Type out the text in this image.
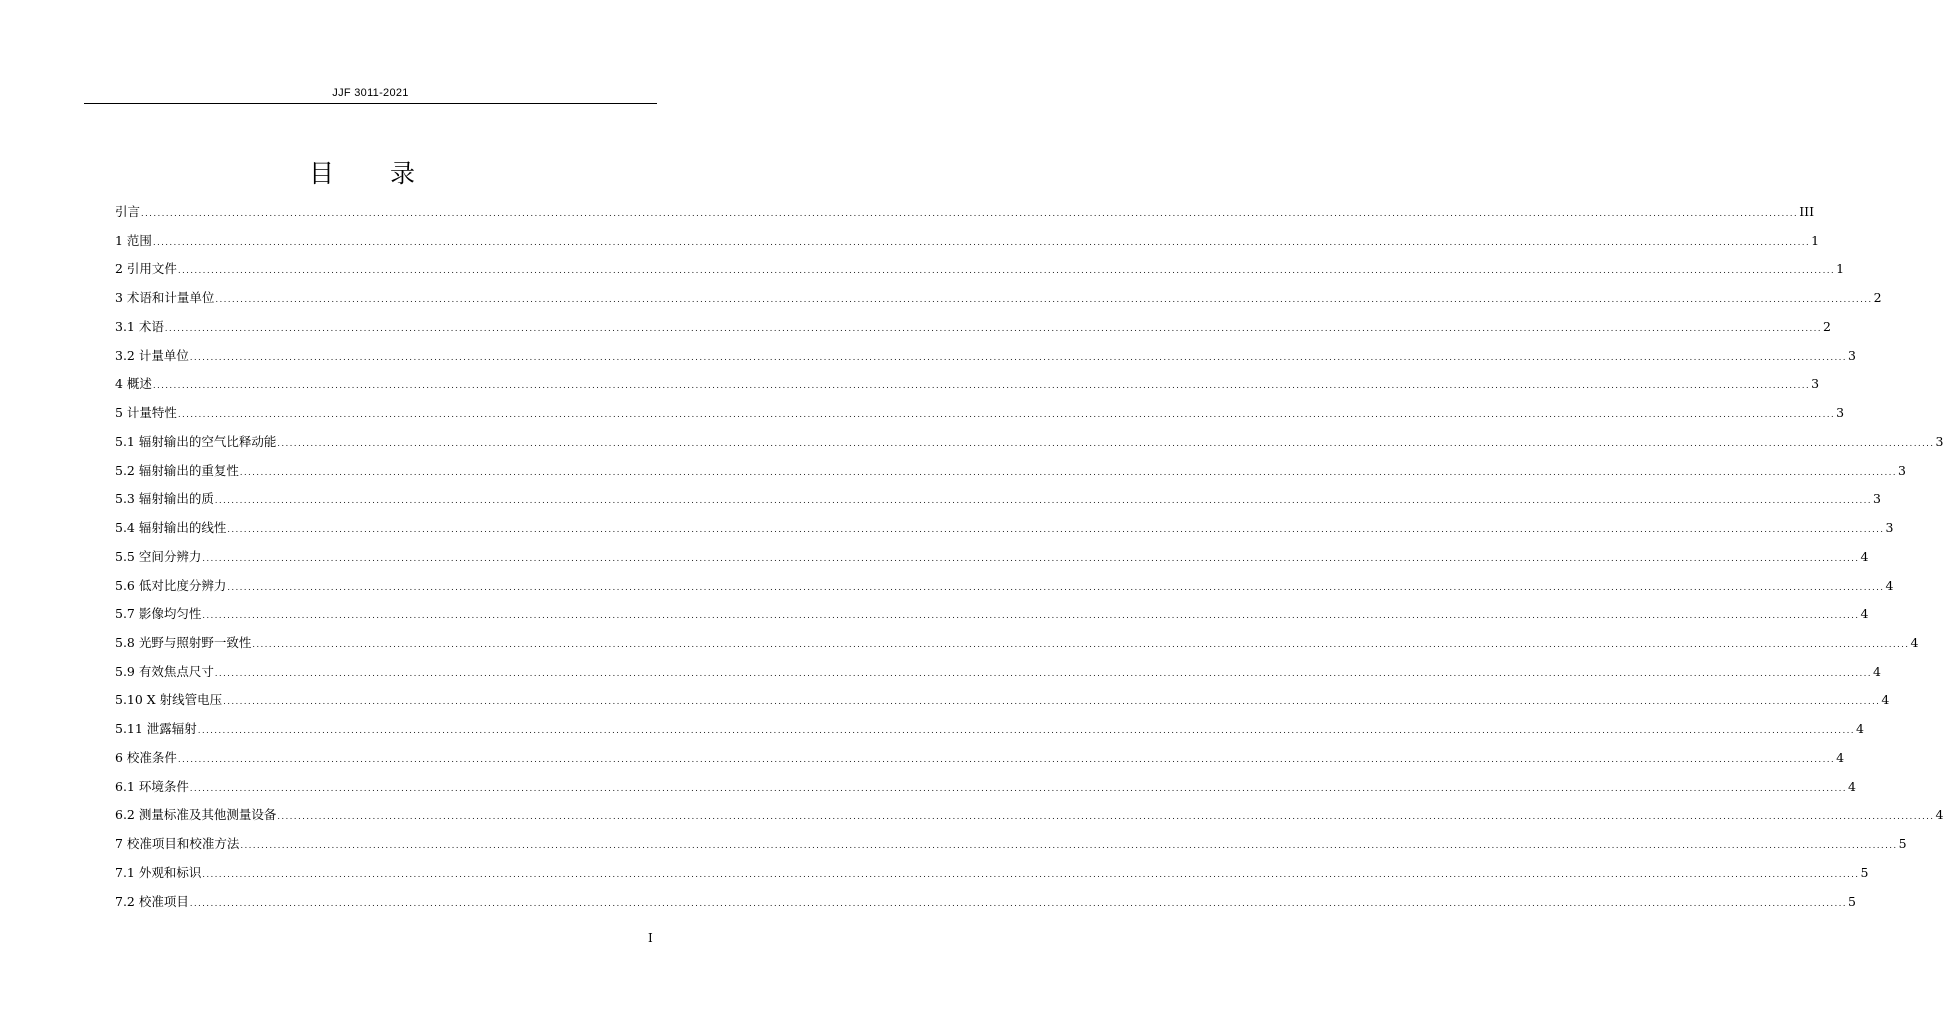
JJF 3011-2021
目 录
引言 ................................................................................................................................................................................................................................................................................................................................................................................................................ III
1 范围 ................................................................................................................................................................................................................................................................................................................................................................................................................ 1
2 引用文件 ................................................................................................................................................................................................................................................................................................................................................................................................................ 1
3 术语和计量单位 ................................................................................................................................................................................................................................................................................................................................................................................................................ 2
3.1 术语 ................................................................................................................................................................................................................................................................................................................................................................................................................ 2
3.2 计量单位 ................................................................................................................................................................................................................................................................................................................................................................................................................ 3
4 概述 ................................................................................................................................................................................................................................................................................................................................................................................................................ 3
5 计量特性 ................................................................................................................................................................................................................................................................................................................................................................................................................ 3
5.1 辐射输出的空气比释动能 ................................................................................................................................................................................................................................................................................................................................................................................................................ 3
5.2 辐射输出的重复性 ................................................................................................................................................................................................................................................................................................................................................................................................................ 3
5.3 辐射输出的质 ................................................................................................................................................................................................................................................................................................................................................................................................................ 3
5.4 辐射输出的线性 ................................................................................................................................................................................................................................................................................................................................................................................................................ 3
5.5 空间分辨力 ................................................................................................................................................................................................................................................................................................................................................................................................................ 4
5.6 低对比度分辨力 ................................................................................................................................................................................................................................................................................................................................................................................................................ 4
5.7 影像均匀性 ................................................................................................................................................................................................................................................................................................................................................................................................................ 4
5.8 光野与照射野一致性 ................................................................................................................................................................................................................................................................................................................................................................................................................ 4
5.9 有效焦点尺寸 ................................................................................................................................................................................................................................................................................................................................................................................................................ 4
5.10 X 射线管电压 ................................................................................................................................................................................................................................................................................................................................................................................................................ 4
5.11 泄露辐射 ................................................................................................................................................................................................................................................................................................................................................................................................................ 4
6 校准条件 ................................................................................................................................................................................................................................................................................................................................................................................................................ 4
6.1 环境条件 ................................................................................................................................................................................................................................................................................................................................................................................................................ 4
6.2 测量标准及其他测量设备 ................................................................................................................................................................................................................................................................................................................................................................................................................ 4
7 校准项目和校准方法 ................................................................................................................................................................................................................................................................................................................................................................................................................ 5
7.1 外观和标识 ................................................................................................................................................................................................................................................................................................................................................................................................................ 5
7.2 校准项目 ................................................................................................................................................................................................................................................................................................................................................................................................................ 5
I
